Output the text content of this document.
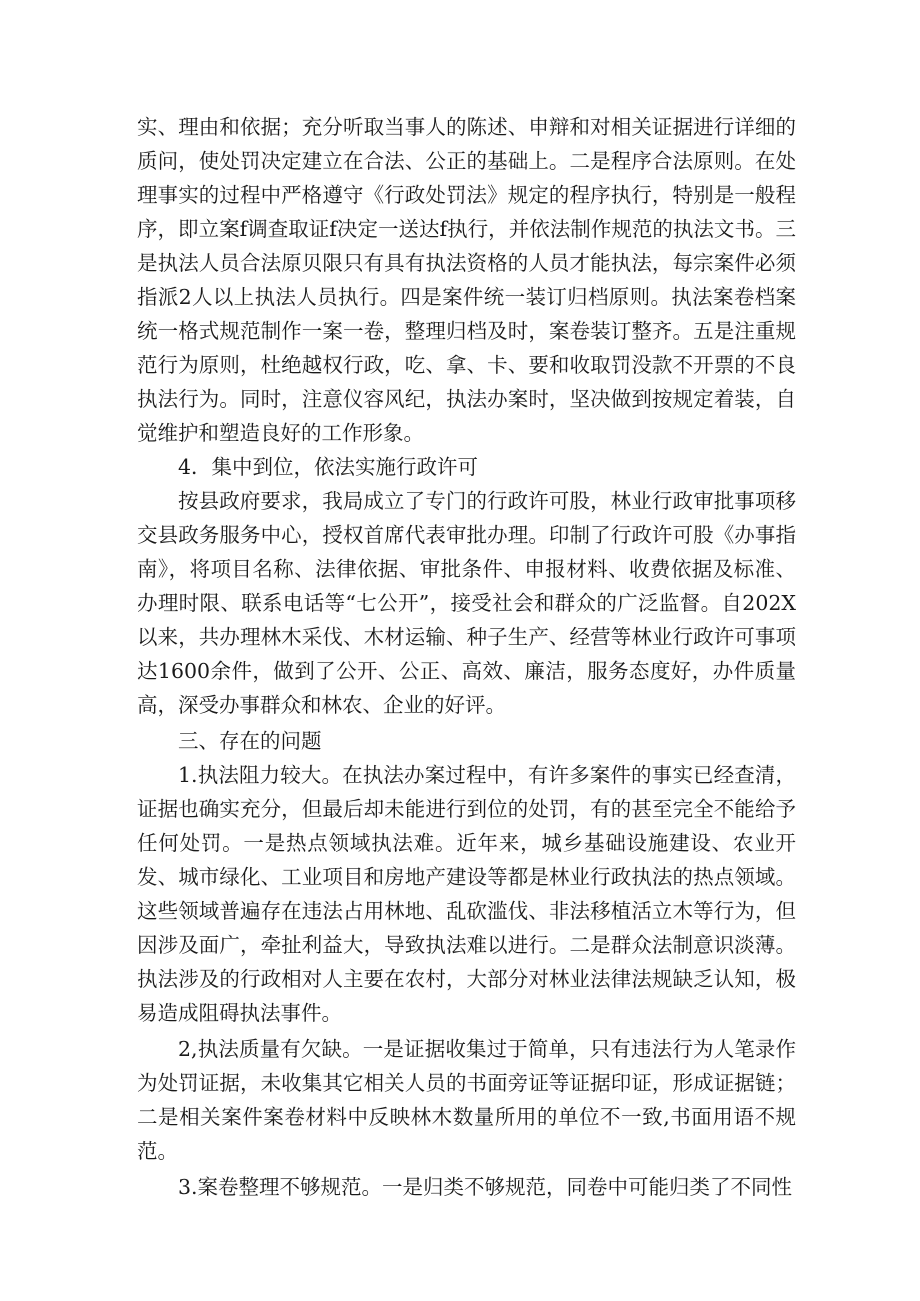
实、理由和依据；充分听取当事人的陈述、申辩和对相关证据进行详细的质问，使处罚决定建立在合法、公正的基础上。二是程序合法原则。在处理事实的过程中严格遵守《行政处罚法》规定的程序执行，特别是一般程序，即立案f调查取证f决定一送达f执行，并依法制作规范的执法文书。三是执法人员合法原贝限只有具有执法资格的人员才能执法，每宗案件必须指派2人以上执法人员执行。四是案件统一装订归档原则。执法案卷档案统一格式规范制作一案一卷，整理归档及时，案卷装订整齐。五是注重规范行为原则，杜绝越权行政，吃、拿、卡、要和收取罚没款不开票的不良执法行为。同时，注意仪容风纪，执法办案时，坚决做到按规定着装，自觉维护和塑造良好的工作形象。

4．集中到位，依法实施行政许可

按县政府要求，我局成立了专门的行政许可股，林业行政审批事项移交县政务服务中心，授权首席代表审批办理。印制了行政许可股《办事指南》，将项目名称、法律依据、审批条件、申报材料、收费依据及标准、办理时限、联系电话等“七公开”，接受社会和群众的广泛监督。自202X以来，共办理林木采伐、木材运输、种子生产、经营等林业行政许可事项达1600余件，做到了公开、公正、高效、廉洁，服务态度好，办件质量高，深受办事群众和林农、企业的好评。

三、存在的问题

1.执法阻力较大。在执法办案过程中，有许多案件的事实已经查清，证据也确实充分，但最后却未能进行到位的处罚，有的甚至完全不能给予任何处罚。一是热点领域执法难。近年来，城乡基础设施建设、农业开发、城市绿化、工业项目和房地产建设等都是林业行政执法的热点领域。这些领域普遍存在违法占用林地、乱砍滥伐、非法移植活立木等行为，但因涉及面广，牵扯利益大，导致执法难以进行。二是群众法制意识淡薄。执法涉及的行政相对人主要在农村，大部分对林业法律法规缺乏认知，极易造成阻碍执法事件。

2,执法质量有欠缺。一是证据收集过于简单，只有违法行为人笔录作为处罚证据，未收集其它相关人员的书面旁证等证据印证，形成证据链；二是相关案件案卷材料中反映林木数量所用的单位不一致,书面用语不规范。

3.案卷整理不够规范。一是归类不够规范，同卷中可能归类了不同性
